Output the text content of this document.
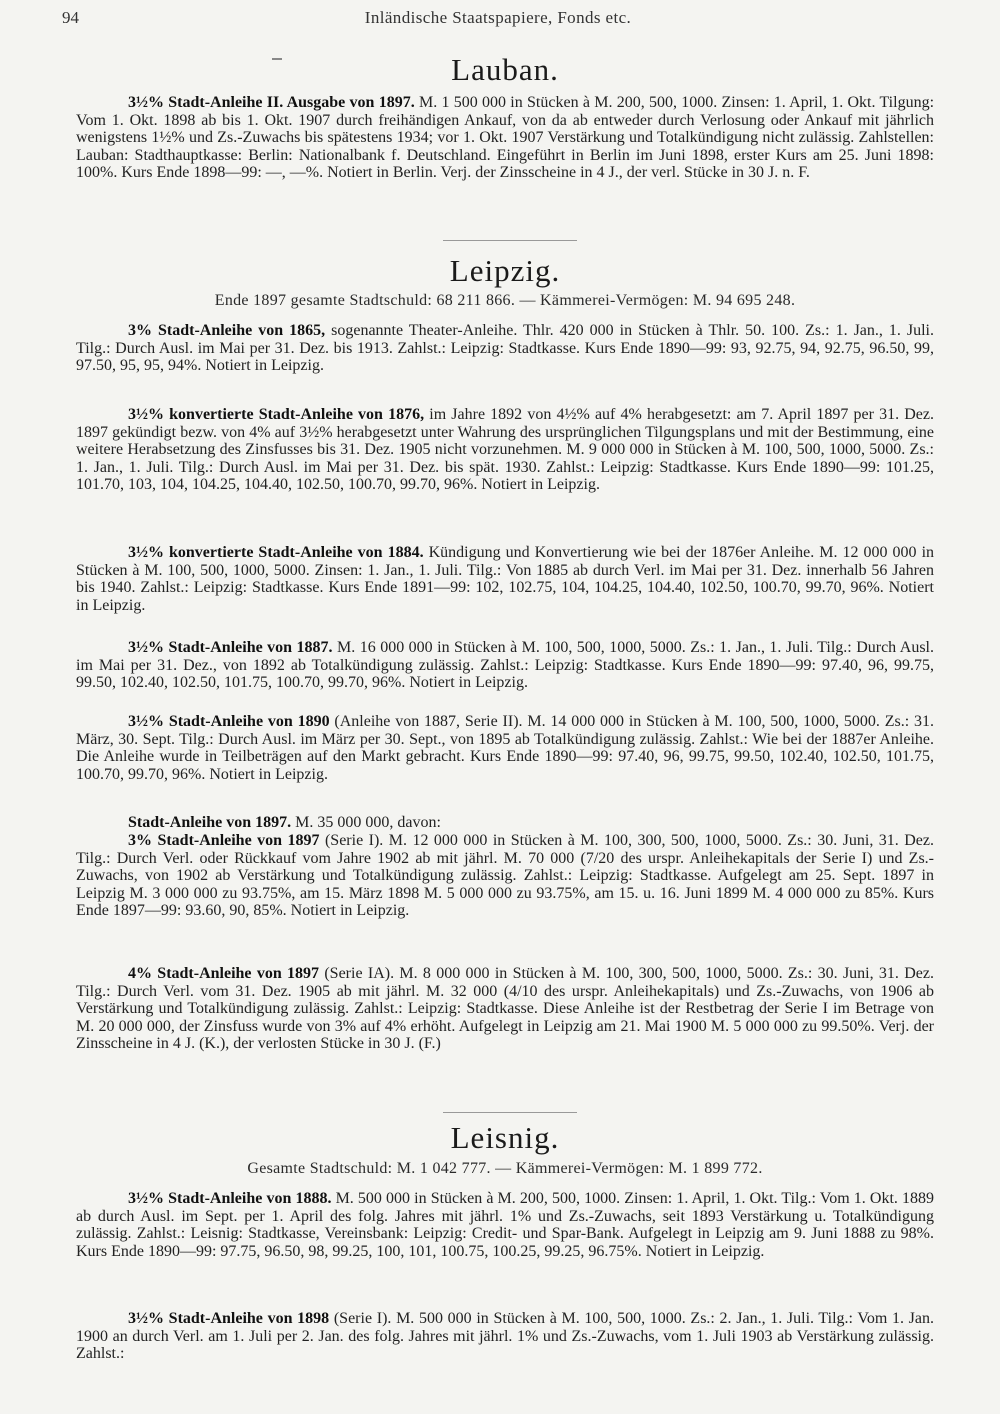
94	Inländische Staatspapiere, Fonds etc.
Lauban.

3½% Stadt-Anleihe II. Ausgabe von 1897. M. 1 500 000 in Stücken à M. 200, 500, 1000. Zinsen: 1. April, 1. Okt. Tilgung: Vom 1. Okt. 1898 ab bis 1. Okt. 1907 durch freihändigen Ankauf, von da ab entweder durch Verlosung oder Ankauf mit jährlich wenigstens 1½% und Zs.-Zuwachs bis spätestens 1934; vor 1. Okt. 1907 Verstärkung und Totalkündigung nicht zulässig. Zahlstellen: Lauban: Stadthauptkasse: Berlin: Nationalbank f. Deutschland. Eingeführt in Berlin im Juni 1898, erster Kurs am 25. Juni 1898: 100%. Kurs Ende 1898—99: —, —%. Notiert in Berlin. Verj. der Zinsscheine in 4 J., der verl. Stücke in 30 J. n. F.

Leipzig.

Ende 1897 gesamte Stadtschuld: 68 211 866. — Kämmerei-Vermögen: M. 94 695 248.

3% Stadt-Anleihe von 1865, sogenannte Theater-Anleihe. Thlr. 420 000 in Stücken à Thlr. 50. 100. Zs.: 1. Jan., 1. Juli. Tilg.: Durch Ausl. im Mai per 31. Dez. bis 1913. Zahlst.: Leipzig: Stadtkasse. Kurs Ende 1890—99: 93, 92.75, 94, 92.75, 96.50, 99, 97.50, 95, 95, 94%. Notiert in Leipzig.

3½% konvertierte Stadt-Anleihe von 1876, im Jahre 1892 von 4½% auf 4% herabgesetzt: am 7. April 1897 per 31. Dez. 1897 gekündigt bezw. von 4% auf 3½% herabgesetzt unter Wahrung des ursprünglichen Tilgungsplans und mit der Bestimmung, eine weitere Herabsetzung des Zinsfusses bis 31. Dez. 1905 nicht vorzunehmen. M. 9 000 000 in Stücken à M. 100, 500, 1000, 5000. Zs.: 1. Jan., 1. Juli. Tilg.: Durch Ausl. im Mai per 31. Dez. bis spät. 1930. Zahlst.: Leipzig: Stadtkasse. Kurs Ende 1890—99: 101.25, 101.70, 103, 104, 104.25, 104.40, 102.50, 100.70, 99.70, 96%. Notiert in Leipzig.

3½% konvertierte Stadt-Anleihe von 1884. Kündigung und Konvertierung wie bei der 1876er Anleihe. M. 12 000 000 in Stücken à M. 100, 500, 1000, 5000. Zinsen: 1. Jan., 1. Juli. Tilg.: Von 1885 ab durch Verl. im Mai per 31. Dez. innerhalb 56 Jahren bis 1940. Zahlst.: Leipzig: Stadtkasse. Kurs Ende 1891—99: 102, 102.75, 104, 104.25, 104.40, 102.50, 100.70, 99.70, 96%. Notiert in Leipzig.

3½% Stadt-Anleihe von 1887. M. 16 000 000 in Stücken à M. 100, 500, 1000, 5000. Zs.: 1. Jan., 1. Juli. Tilg.: Durch Ausl. im Mai per 31. Dez., von 1892 ab Totalkündigung zulässig. Zahlst.: Leipzig: Stadtkasse. Kurs Ende 1890—99: 97.40, 96, 99.75, 99.50, 102.40, 102.50, 101.75, 100.70, 99.70, 96%. Notiert in Leipzig.

3½% Stadt-Anleihe von 1890 (Anleihe von 1887, Serie II). M. 14 000 000 in Stücken à M. 100, 500, 1000, 5000. Zs.: 31. März, 30. Sept. Tilg.: Durch Ausl. im März per 30. Sept., von 1895 ab Totalkündigung zulässig. Zahlst.: Wie bei der 1887er Anleihe. Die Anleihe wurde in Teilbeträgen auf den Markt gebracht. Kurs Ende 1890—99: 97.40, 96, 99.75, 99.50, 102.40, 102.50, 101.75, 100.70, 99.70, 96%. Notiert in Leipzig.

Stadt-Anleihe von 1897. M. 35 000 000, davon:

3% Stadt-Anleihe von 1897 (Serie I). M. 12 000 000 in Stücken à M. 100, 300, 500, 1000, 5000. Zs.: 30. Juni, 31. Dez. Tilg.: Durch Verl. oder Rückkauf vom Jahre 1902 ab mit jährl. M. 70 000 (7/20 des urspr. Anleihekapitals der Serie I) und Zs.-Zuwachs, von 1902 ab Verstärkung und Totalkündigung zulässig. Zahlst.: Leipzig: Stadtkasse. Aufgelegt am 25. Sept. 1897 in Leipzig M. 3 000 000 zu 93.75%, am 15. März 1898 M. 5 000 000 zu 93.75%, am 15. u. 16. Juni 1899 M. 4 000 000 zu 85%. Kurs Ende 1897—99: 93.60, 90, 85%. Notiert in Leipzig.

4% Stadt-Anleihe von 1897 (Serie IA). M. 8 000 000 in Stücken à M. 100, 300, 500, 1000, 5000. Zs.: 30. Juni, 31. Dez. Tilg.: Durch Verl. vom 31. Dez. 1905 ab mit jährl. M. 32 000 (4/10 des urspr. Anleihekapitals) und Zs.-Zuwachs, von 1906 ab Verstärkung und Totalkündigung zulässig. Zahlst.: Leipzig: Stadtkasse. Diese Anleihe ist der Restbetrag der Serie I im Betrage von M. 20 000 000, der Zinsfuss wurde von 3% auf 4% erhöht. Aufgelegt in Leipzig am 21. Mai 1900 M. 5 000 000 zu 99.50%. Verj. der Zinsscheine in 4 J. (K.), der verlosten Stücke in 30 J. (F.)

Leisnig.

Gesamte Stadtschuld: M. 1 042 777. — Kämmerei-Vermögen: M. 1 899 772.

3½% Stadt-Anleihe von 1888. M. 500 000 in Stücken à M. 200, 500, 1000. Zinsen: 1. April, 1. Okt. Tilg.: Vom 1. Okt. 1889 ab durch Ausl. im Sept. per 1. April des folg. Jahres mit jährl. 1% und Zs.-Zuwachs, seit 1893 Verstärkung u. Totalkündigung zulässig. Zahlst.: Leisnig: Stadtkasse, Vereinsbank: Leipzig: Credit- und Spar-Bank. Aufgelegt in Leipzig am 9. Juni 1888 zu 98%. Kurs Ende 1890—99: 97.75, 96.50, 98, 99.25, 100, 101, 100.75, 100.25, 99.25, 96.75%. Notiert in Leipzig.

3½% Stadt-Anleihe von 1898 (Serie I). M. 500 000 in Stücken à M. 100, 500, 1000. Zs.: 2. Jan., 1. Juli. Tilg.: Vom 1. Jan. 1900 an durch Verl. am 1. Juli per 2. Jan. des folg. Jahres mit jährl. 1% und Zs.-Zuwachs, vom 1. Juli 1903 ab Verstärkung zulässig. Zahlst.:
